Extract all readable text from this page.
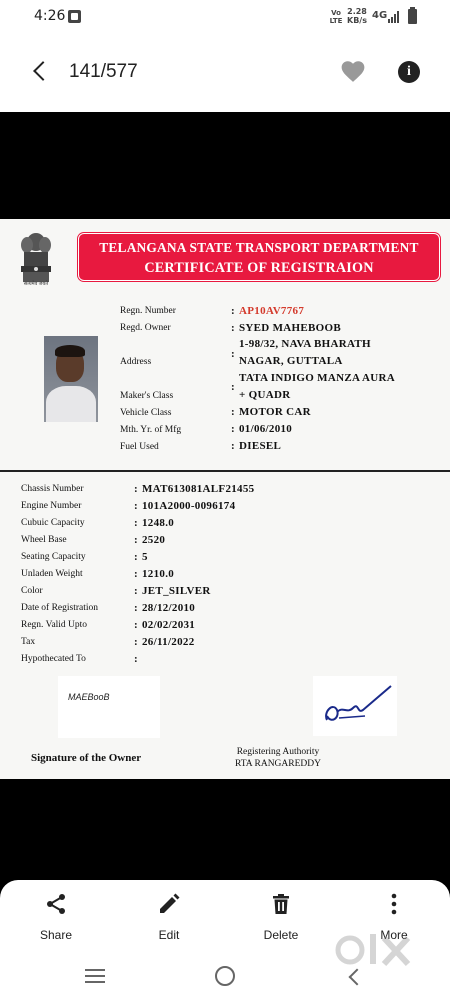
4:26	Vo
LTE
2.28
KB/s 4G
141/577	i
सत्यमेव जयते
TELANGANA STATE TRANSPORT DEPARTMENT
CERTIFICATE OF REGISTRAION
Regn. Number	: AP10AV7767
Regd. Owner	: SYED MAHEBOOB
Address
:
1-98/32, NAVA BHARATH
NAGAR, GUTTALA
Maker's Class
:
TATA INDIGO MANZA AURA
+ QUADR
Vehicle Class	: MOTOR CAR
Mth. Yr. of Mfg	: 01/06/2010
Fuel Used	: DIESEL
Chassis Number	: MAT613081ALF21455
Engine Number	: 101A2000-0096174
Cubuic Capacity	: 1248.0
Wheel Base	: 2520
Seating Capacity	: 5
Unladen Weight	: 1210.0
Color	: JET_SILVER
Date of Registration	: 28/12/2010
Regn. Valid Upto	: 02/02/2031
Tax	: 26/11/2022
Hypothecated To	:
MAEBooB
Signature of the Owner	Registering Authority
RTA RANGAREDDY
Share	Edit	Delete	More
